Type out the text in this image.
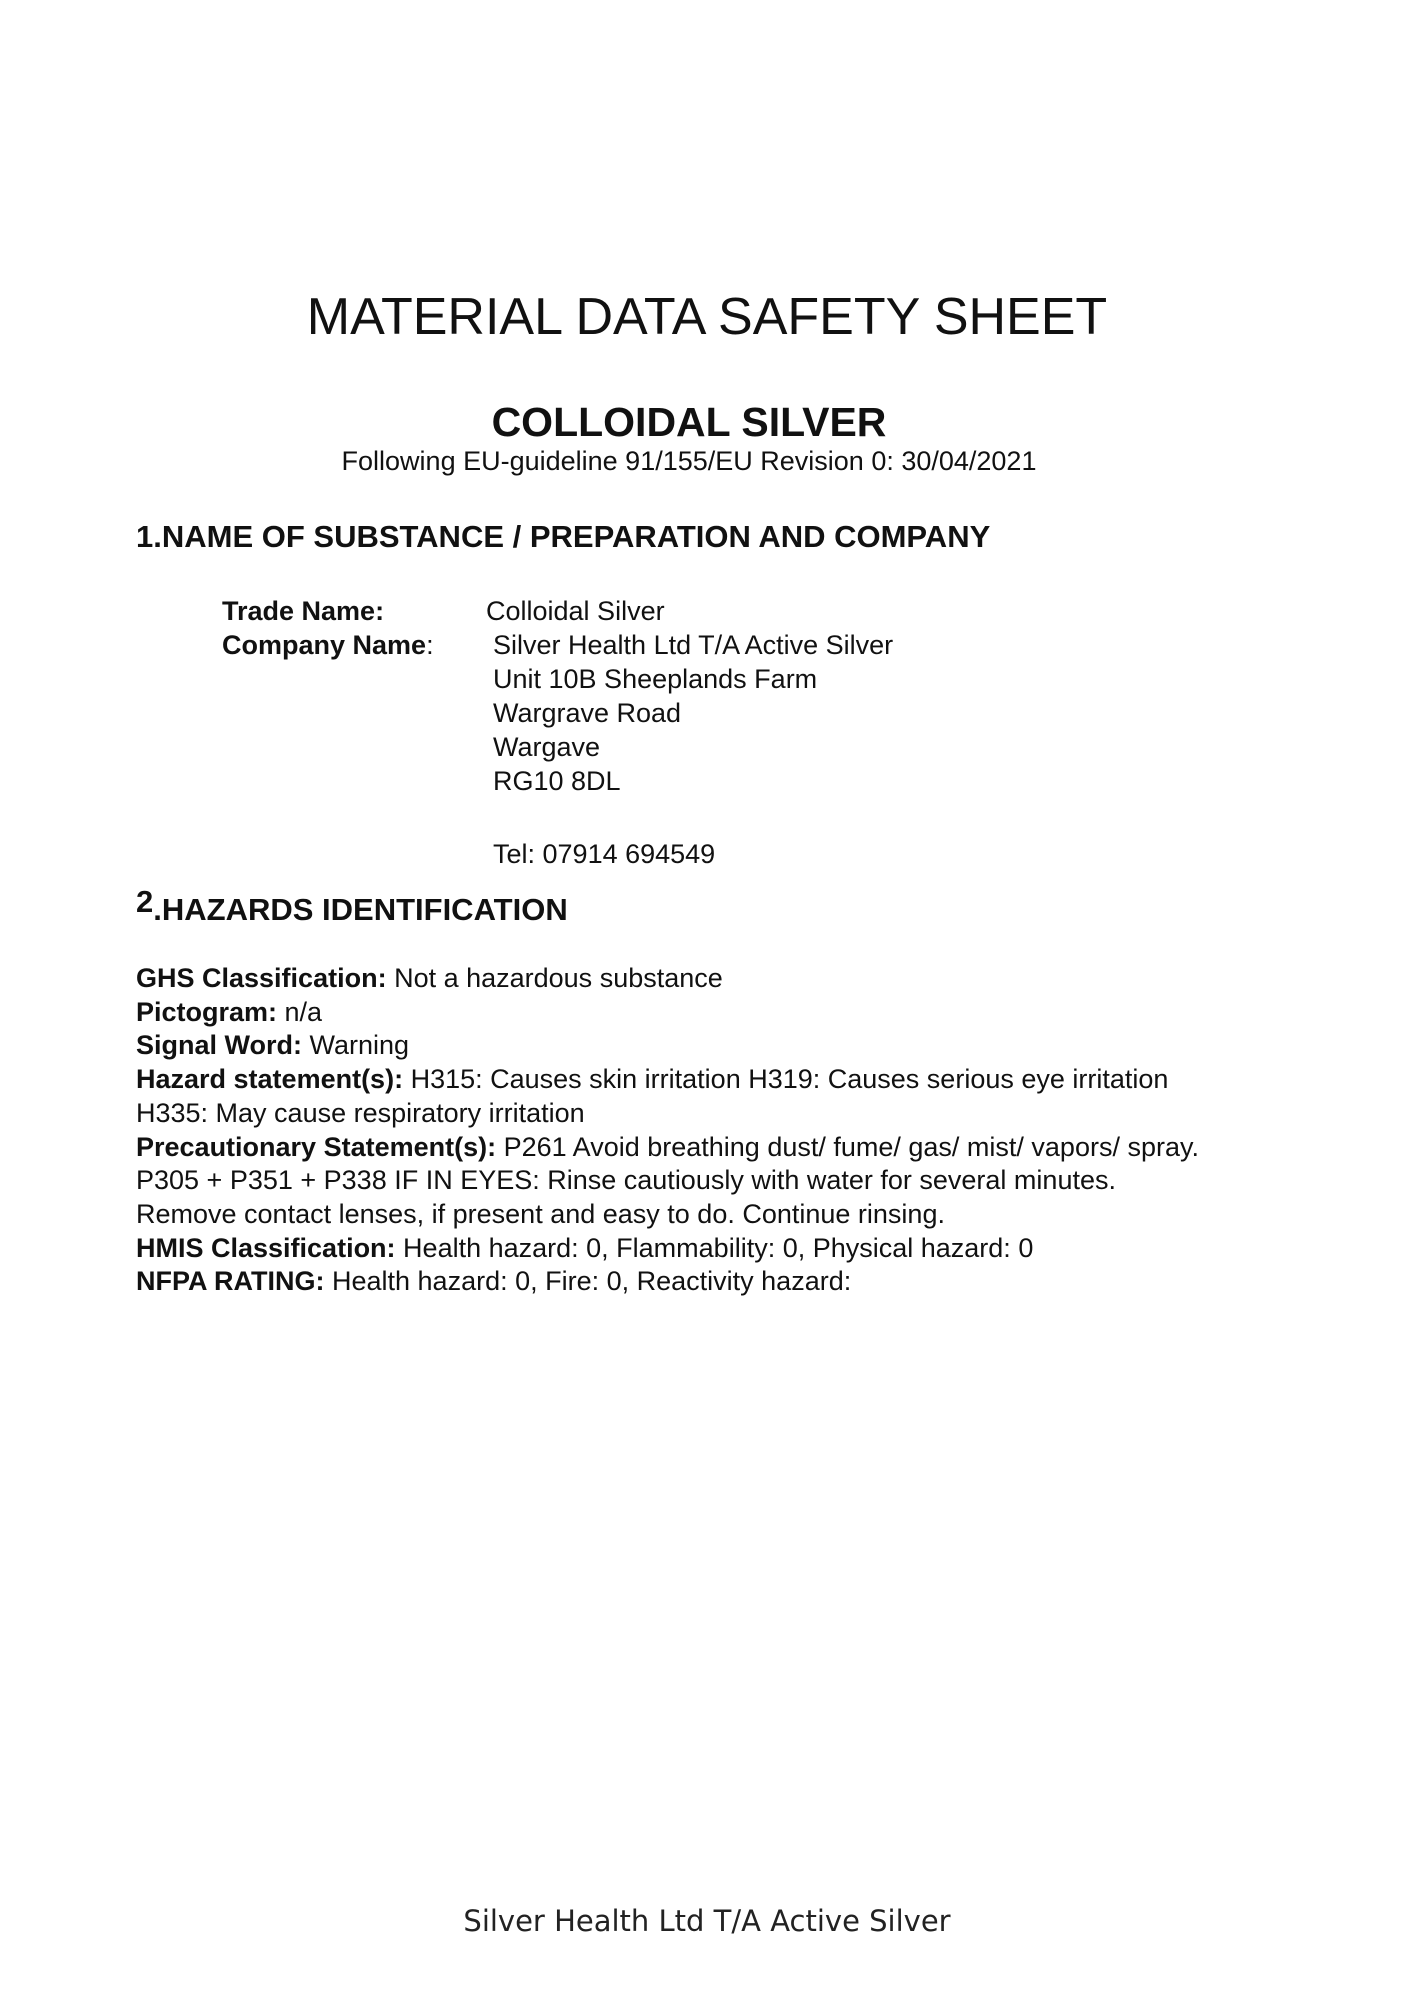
MATERIAL DATA SAFETY SHEET
COLLOIDAL SILVER
Following EU-guideline 91/155/EU Revision 0: 30/04/2021
1.NAME OF SUBSTANCE / PREPARATION AND COMPANY
Trade Name:	Colloidal Silver
Company Name: Silver Health Ltd T/A Active Silver
Unit 10B Sheeplands Farm
Wargrave Road
Wargave
RG10 8DL
Tel: 07914 694549
2.HAZARDS IDENTIFICATION
GHS Classification: Not a hazardous substance
Pictogram: n/a
Signal Word: Warning
Hazard statement(s): H315: Causes skin irritation H319: Causes serious eye irritation
H335: May cause respiratory irritation
Precautionary Statement(s): P261 Avoid breathing dust/ fume/ gas/ mist/ vapors/ spray.
P305 + P351 + P338 IF IN EYES: Rinse cautiously with water for several minutes.
Remove contact lenses, if present and easy to do. Continue rinsing.
HMIS Classification: Health hazard: 0, Flammability: 0, Physical hazard: 0
NFPA RATING: Health hazard: 0, Fire: 0, Reactivity hazard:
Silver Health Ltd T/A Active Silver
